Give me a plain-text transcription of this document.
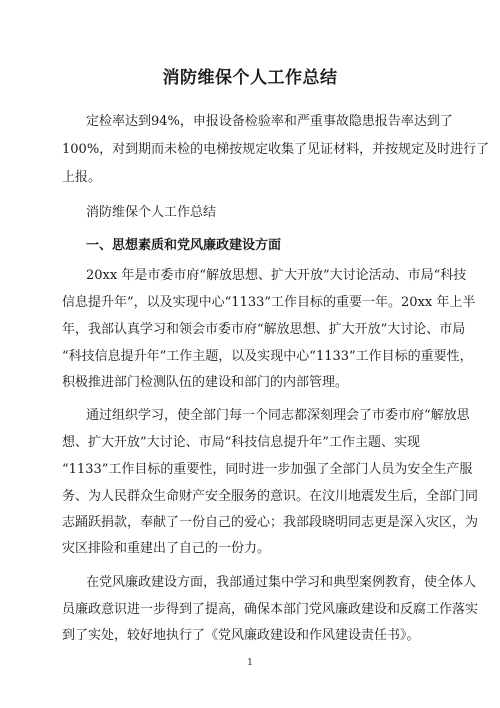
消防维保个人工作总结
定检率达到94%，申报设备检验率和严重事故隐患报告率达到了
100%，对到期而未检的电梯按规定收集了见证材料，并按规定及时进行了
上报。
消防维保个人工作总结
一、思想素质和党风廉政建设方面
20xx 年是市委市府“解放思想、扩大开放”大讨论活动、市局“科技
信息提升年”，以及实现中心“1133”工作目标的重要一年。20xx 年上半
年，我部认真学习和领会市委市府“解放思想、扩大开放”大讨论、市局
“科技信息提升年”工作主题，以及实现中心“1133”工作目标的重要性，
积极推进部门检测队伍的建设和部门的内部管理。
通过组织学习，使全部门每一个同志都深刻理会了市委市府“解放思
想、扩大开放”大讨论、市局“科技信息提升年”工作主题、实现
“1133”工作目标的重要性，同时进一步加强了全部门人员为安全生产服
务、为人民群众生命财产安全服务的意识。在汶川地震发生后，全部门同
志踊跃捐款，奉献了一份自己的爱心；我部段晓明同志更是深入灾区，为
灾区排险和重建出了自己的一份力。
在党风廉政建设方面，我部通过集中学习和典型案例教育，使全体人
员廉政意识进一步得到了提高，确保本部门党风廉政建设和反腐工作落实
到了实处，较好地执行了《党风廉政建设和作风建设责任书》。
1
